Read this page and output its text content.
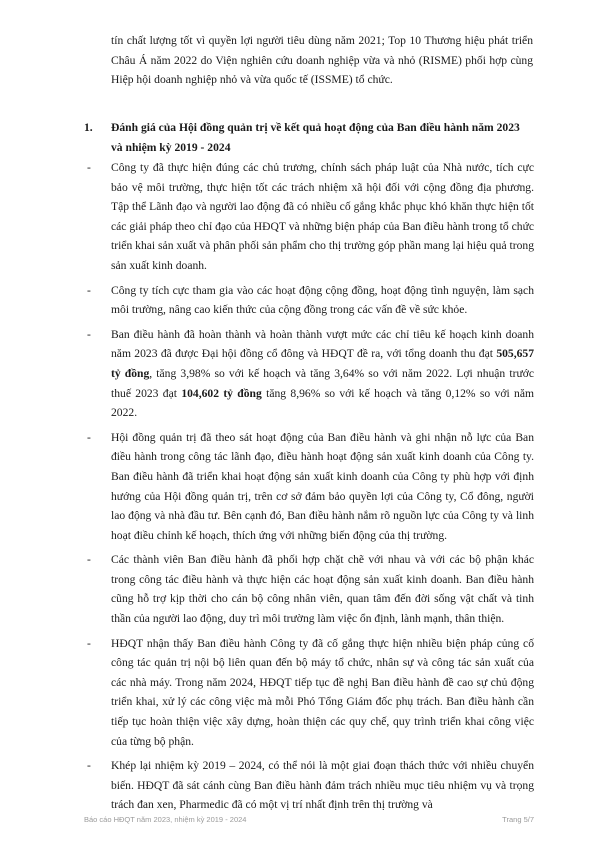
tín chất lượng tốt vì quyền lợi người tiêu dùng năm 2021; Top 10 Thương hiệu phát triển Châu Á năm 2022 do Viện nghiên cứu doanh nghiệp vừa và nhỏ (RISME) phối hợp cùng Hiệp hội doanh nghiệp nhỏ và vừa quốc tế (ISSME) tổ chức.

1.	Đánh giá của Hội đồng quản trị về kết quả hoạt động của Ban điều hành năm 2023 và nhiệm kỳ 2019 - 2024
- Công ty đã thực hiện đúng các chủ trương, chính sách pháp luật của Nhà nước, tích cực bảo vệ môi trường, thực hiện tốt các trách nhiệm xã hội đối với cộng đồng địa phương. Tập thể Lãnh đạo và người lao động đã có nhiều cố gắng khắc phục khó khăn thực hiện tốt các giải pháp theo chỉ đạo của HĐQT và những biện pháp của Ban điều hành trong tổ chức triển khai sản xuất và phân phối sản phẩm cho thị trường góp phần mang lại hiệu quả trong sản xuất kinh doanh.
- Công ty tích cực tham gia vào các hoạt động cộng đồng, hoạt động tình nguyện, làm sạch môi trường, nâng cao kiến thức của cộng đồng trong các vấn đề về sức khỏe.
- Ban điều hành đã hoàn thành và hoàn thành vượt mức các chỉ tiêu kế hoạch kinh doanh năm 2023 đã được Đại hội đồng cổ đông và HĐQT đề ra, với tổng doanh thu đạt 505,657 tỷ đồng, tăng 3,98% so với kế hoạch và tăng 3,64% so với năm 2022. Lợi nhuận trước thuế 2023 đạt 104,602 tỷ đồng tăng 8,96% so với kế hoạch và tăng 0,12% so với năm 2022.
- Hội đồng quản trị đã theo sát hoạt động của Ban điều hành và ghi nhận nỗ lực của Ban điều hành trong công tác lãnh đạo, điều hành hoạt động sản xuất kinh doanh của Công ty. Ban điều hành đã triển khai hoạt động sản xuất kinh doanh của Công ty phù hợp với định hướng của Hội đồng quản trị, trên cơ sở đảm bảo quyền lợi của Công ty, Cổ đông, người lao động và nhà đầu tư. Bên cạnh đó, Ban điều hành nắm rõ nguồn lực của Công ty và linh hoạt điều chỉnh kế hoạch, thích ứng với những biến động của thị trường.
- Các thành viên Ban điều hành đã phối hợp chặt chẽ với nhau và với các bộ phận khác trong công tác điều hành và thực hiện các hoạt động sản xuất kinh doanh. Ban điều hành cũng hỗ trợ kịp thời cho cán bộ công nhân viên, quan tâm đến đời sống vật chất và tinh thần của người lao động, duy trì môi trường làm việc ổn định, lành mạnh, thân thiện.
- HĐQT nhận thấy Ban điều hành Công ty đã cố gắng thực hiện nhiều biện pháp củng cố công tác quản trị nội bộ liên quan đến bộ máy tổ chức, nhân sự và công tác sản xuất của các nhà máy. Trong năm 2024, HĐQT tiếp tục đề nghị Ban điều hành đề cao sự chủ động triển khai, xử lý các công việc mà mỗi Phó Tổng Giám đốc phụ trách. Ban điều hành cần tiếp tục hoàn thiện việc xây dựng, hoàn thiện các quy chế, quy trình triển khai công việc của từng bộ phận.
- Khép lại nhiệm kỳ 2019 – 2024, có thể nói là một giai đoạn thách thức với nhiều chuyển biến. HĐQT đã sát cánh cùng Ban điều hành đảm trách nhiều mục tiêu nhiệm vụ và trọng trách đan xen, Pharmedic đã có một vị trí nhất định trên thị trường và
Báo cáo HĐQT năm 2023, nhiệm kỳ 2019 - 2024	Trang 5/7
